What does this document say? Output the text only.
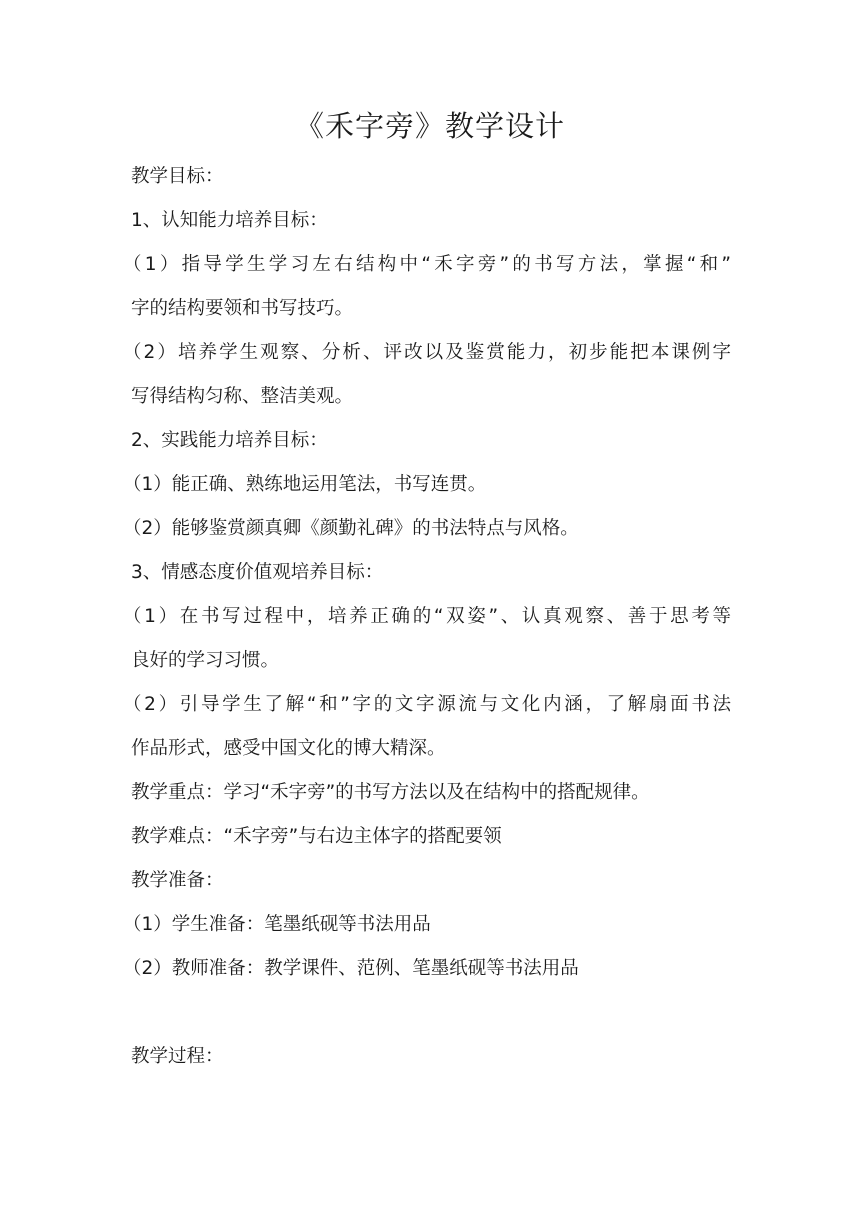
《禾字旁》教学设计
教学目标：
1、认知能力培养目标：
（1）指导学生学习左右结构中“禾字旁”的书写方法，掌握“和”
字的结构要领和书写技巧。
（2）培养学生观察、分析、评改以及鉴赏能力，初步能把本课例字
写得结构匀称、整洁美观。
2、实践能力培养目标：
（1）能正确、熟练地运用笔法，书写连贯。
（2）能够鉴赏颜真卿《颜勤礼碑》的书法特点与风格。
3、情感态度价值观培养目标：
（1）在书写过程中，培养正确的“双姿”、认真观察、善于思考等
良好的学习习惯。
（2）引导学生了解“和”字的文字源流与文化内涵，了解扇面书法
作品形式，感受中国文化的博大精深。
教学重点：学习“禾字旁”的书写方法以及在结构中的搭配规律。
教学难点：“禾字旁”与右边主体字的搭配要领
教学准备：
（1）学生准备：笔墨纸砚等书法用品
（2）教师准备：教学课件、范例、笔墨纸砚等书法用品
教学过程：
